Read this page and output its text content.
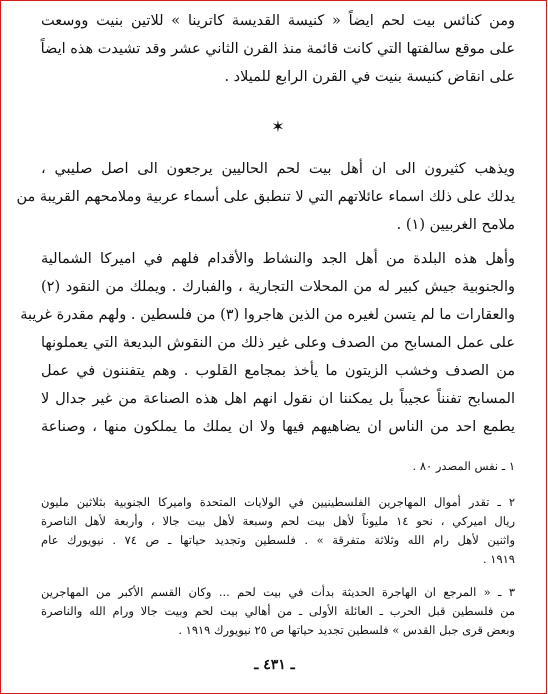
ومن كنائس بيت لحم ايضاً « كنيسة القديسة كاترينا » للاتين بنيت ووسعت
على موقع سالفتها التي كانت قائمة منذ القرن الثاني عشر وقد تشيدت هذه ايضاً
على انقاض كنيسة بنيت في القرن الرابع للميلاد .
✶
ويذهب كثيرون الى ان أهل بيت لحم الحاليين يرجعون الى اصل صليبي ،
يدلك على ذلك اسماء عائلاتهم التي لا تنطبق على أسماء عربية وملامحهم القريبة من
ملامح الغربيين (١) .
وأهل هذه البلدة من أهل الجد والنشاط والأقدام فلهم في اميركا الشمالية
والجنوبية جيش كبير له من المحلات التجارية ، والفبارك . ويملك من النقود (٢)
والعقارات ما لم يتسن لغيره من الذين هاجروا (٣) من فلسطين . ولهم مقدرة غريبة
على عمل المسابح من الصدف وعلى غير ذلك من النقوش البديعة التي يعملونها
من الصدف وخشب الزيتون ما يأخذ بمجامع القلوب . وهم يتفننون في عمل
المسابح تفنناً عجيباً بل يمكننا ان نقول انهم اهل هذه الصناعة من غير جدال لا
يطمع احد من الناس ان يضاهيهم فيها ولا ان يملك ما يملكون منها ، وصناعة
١ ـ نفس المصدر ٨٠ .
٢ ـ تقدر أموال المهاجرين الفلسطينيين في الولايات المتحدة واميركا الجنوبية بثلاثين مليون
ريال اميركي ، نحو ١٤ مليوناً لأهل بيت لحم وسبعة لأهل بيت جالا ، وأربعة لأهل الناصرة
واثنين لأهل رام الله وثلاثة متفرقة » . فلسطين وتجديد حياتها ـ ص ٧٤ . نيويورك عام
١٩١٩ .
٣ ـ « المرجع ان الهاجرة الحديثة بدأت في بيت لحم ... وكان القسم الأكبر من المهاجرين
من فلسطين قبل الحرب ـ العائلة الأولى ـ من أهالي بيت لحم وبيت جالا ورام الله والناصرة
وبعض قرى جبل القدس » فلسطين تجديد حياتها ص ٢٥ نيويورك ١٩١٩ .
ـ ٤٣١ ـ
